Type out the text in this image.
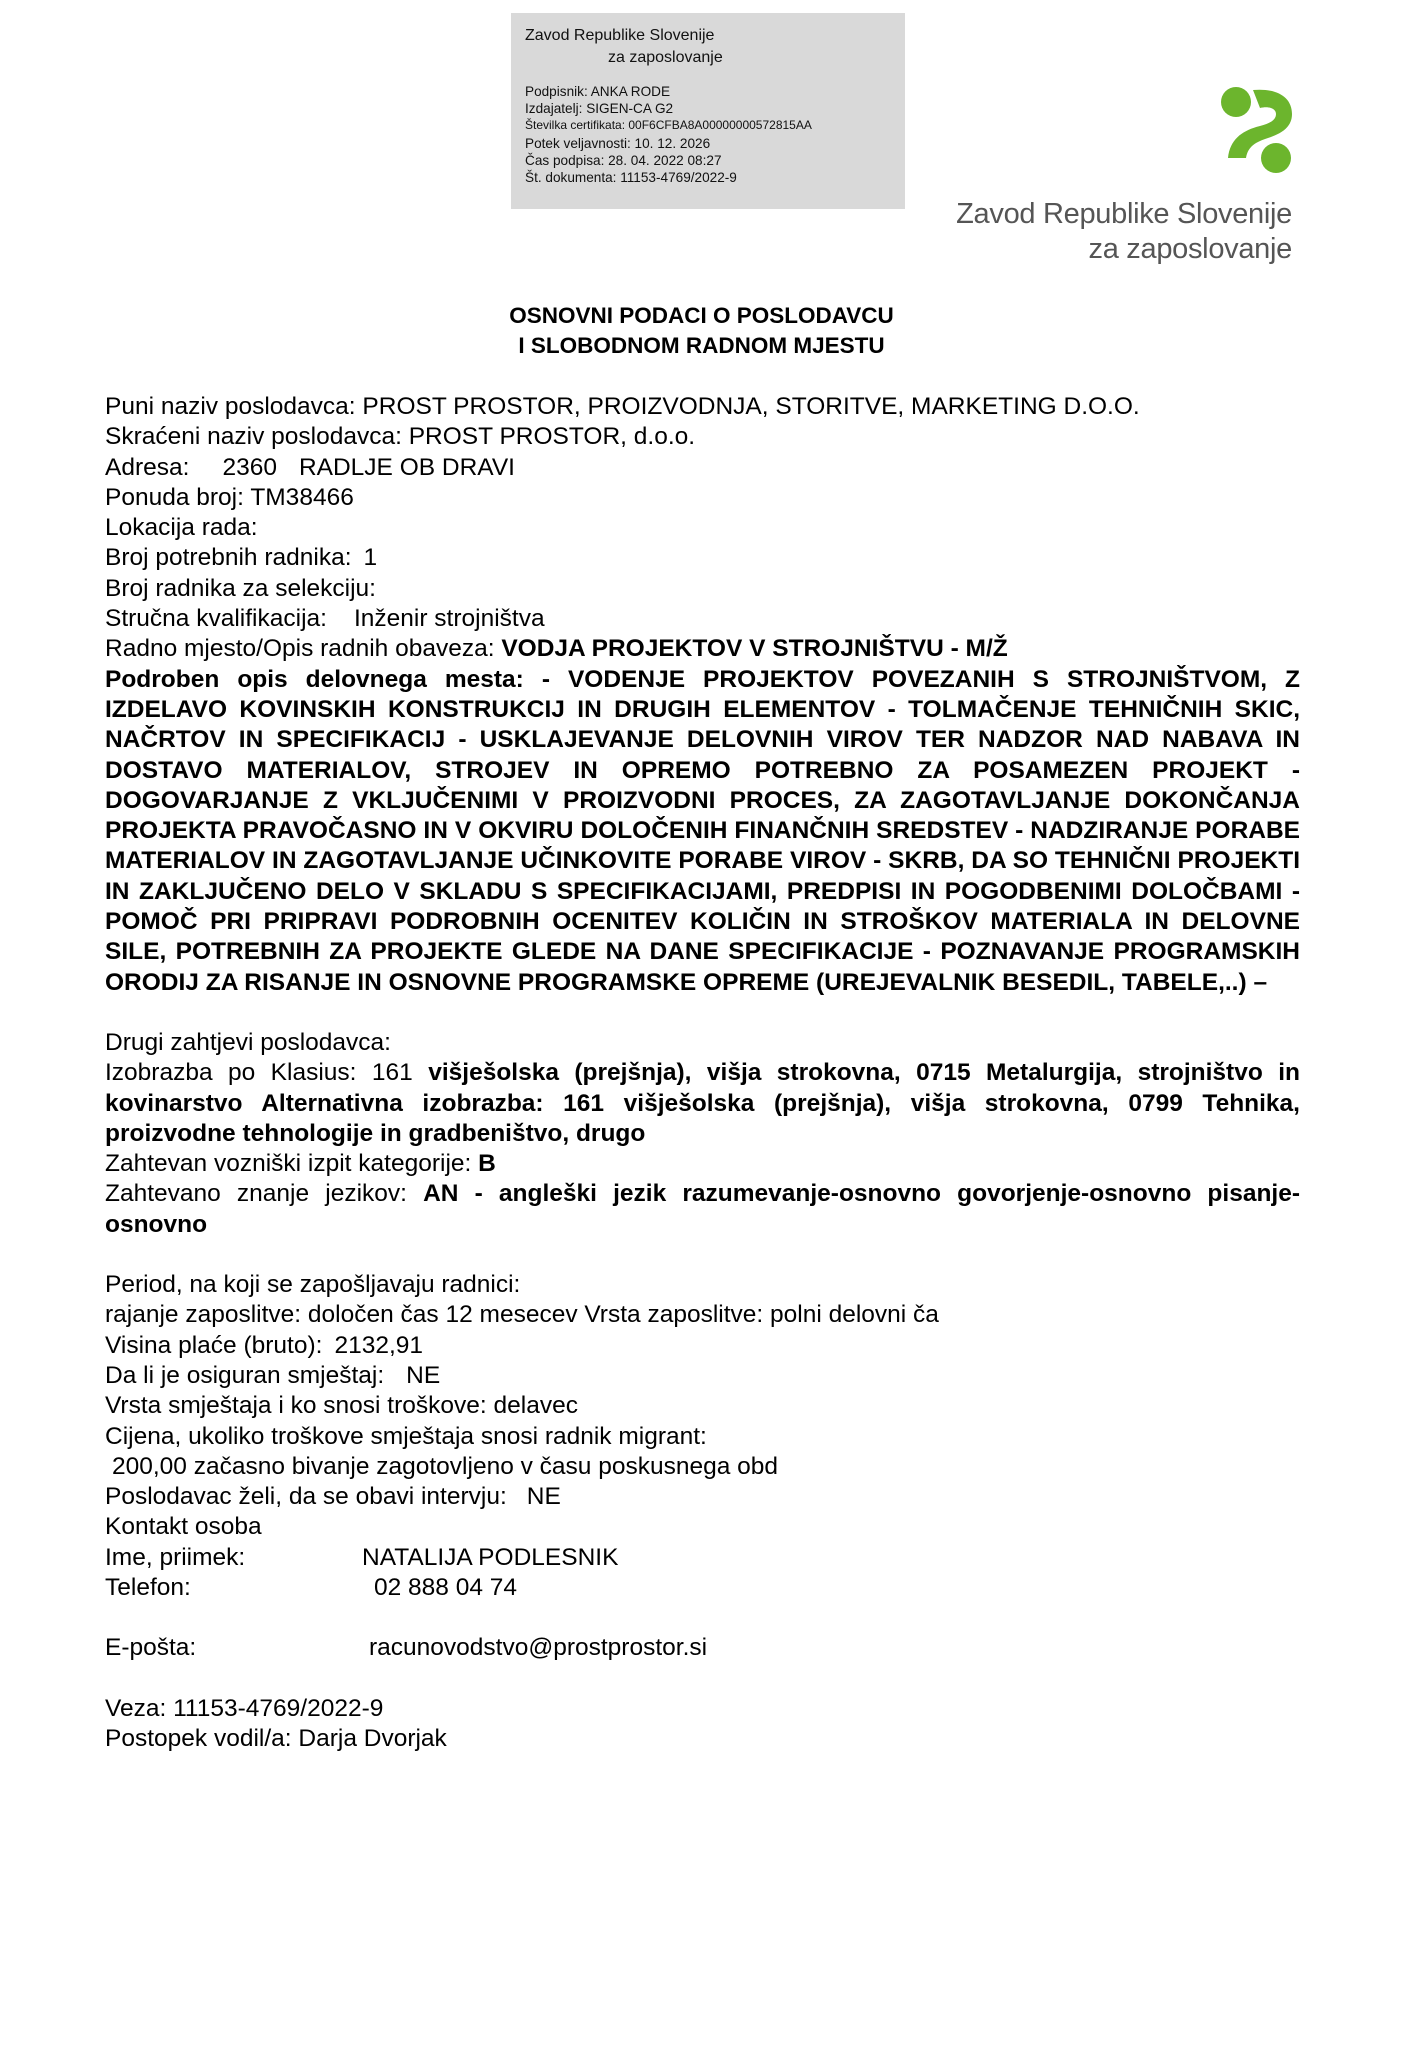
Zavod Republike Slovenije
za zaposlovanje
Podpisnik: ANKA RODE
Izdajatelj: SIGEN-CA G2
Številka certifikata: 00F6CFBA8A00000000572815AA
Potek veljavnosti: 10. 12. 2026
Čas podpisa: 28. 04. 2022 08:27
Št. dokumenta: 11153-4769/2022-9
Zavod Republike Slovenije
za zaposlovanje
OSNOVNI PODACI O POSLODAVCU
I SLOBODNOM RADNOM MJESTU
Puni naziv poslodavca: PROST PROSTOR, PROIZVODNJA, STORITVE, MARKETING D.O.O.
Skraćeni naziv poslodavca: PROST PROSTOR, d.o.o.
Adresa: 2360 RADLJE OB DRAVI
Ponuda broj: TM38466
Lokacija rada:
Broj potrebnih radnika: 1
Broj radnika za selekciju:
Stručna kvalifikacija: Inženir strojništva
Radno mjesto/Opis radnih obaveza: VODJA PROJEKTOV V STROJNIŠTVU - M/Ž
Podroben opis delovnega mesta: - VODENJE PROJEKTOV POVEZANIH S STROJNIŠTVOM, Z IZDELAVO KOVINSKIH KONSTRUKCIJ IN DRUGIH ELEMENTOV - TOLMAČENJE TEHNIČNIH SKIC, NAČRTOV IN SPECIFIKACIJ - USKLAJEVANJE DELOVNIH VIROV TER NADZOR NAD NABAVA IN DOSTAVO MATERIALOV, STROJEV IN OPREMO POTREBNO ZA POSAMEZEN PROJEKT - DOGOVARJANJE Z VKLJUČENIMI V PROIZVODNI PROCES, ZA ZAGOTAVLJANJE DOKONČANJA PROJEKTA PRAVOČASNO IN V OKVIRU DOLOČENIH FINANČNIH SREDSTEV - NADZIRANJE PORABE MATERIALOV IN ZAGOTAVLJANJE UČINKOVITE PORABE VIROV - SKRB, DA SO TEHNIČNI PROJEKTI IN ZAKLJUČENO DELO V SKLADU S SPECIFIKACIJAMI, PREDPISI IN POGODBENIMI DOLOČBAMI - POMOČ PRI PRIPRAVI PODROBNIH OCENITEV KOLIČIN IN STROŠKOV MATERIALA IN DELOVNE SILE, POTREBNIH ZA PROJEKTE GLEDE NA DANE SPECIFIKACIJE - POZNAVANJE PROGRAMSKIH ORODIJ ZA RISANJE IN OSNOVNE PROGRAMSKE OPREME (UREJEVALNIK BESEDIL, TABELE,..) –
Drugi zahtjevi poslodavca:
Izobrazba po Klasius: 161 višješolska (prejšnja), višja strokovna, 0715 Metalurgija, strojništvo in kovinarstvo Alternativna izobrazba: 161 višješolska (prejšnja), višja strokovna, 0799 Tehnika, proizvodne tehnologije in gradbeništvo, drugo
Zahtevan vozniški izpit kategorije: B
Zahtevano znanje jezikov: AN - angleški jezik razumevanje-osnovno govorjenje-osnovno pisanje-osnovno
Period, na koji se zapošljavaju radnici:
rajanje zaposlitve: določen čas 12 mesecev Vrsta zaposlitve: polni delovni ča
Visina plaće (bruto): 2132,91
Da li je osiguran smještaj: NE
Vrsta smještaja i ko snosi troškove: delavec
Cijena, ukoliko troškove smještaja snosi radnik migrant:
200,00 začasno bivanje zagotovljeno v času poskusnega obd
Poslodavac želi, da se obavi intervju: NE
Kontakt osoba
Ime, priimek:	NATALIJA PODLESNIK
Telefon:	02 888 04 74
E-pošta:	racunovodstvo@prostprostor.si
Veza: 11153-4769/2022-9
Postopek vodil/a: Darja Dvorjak
